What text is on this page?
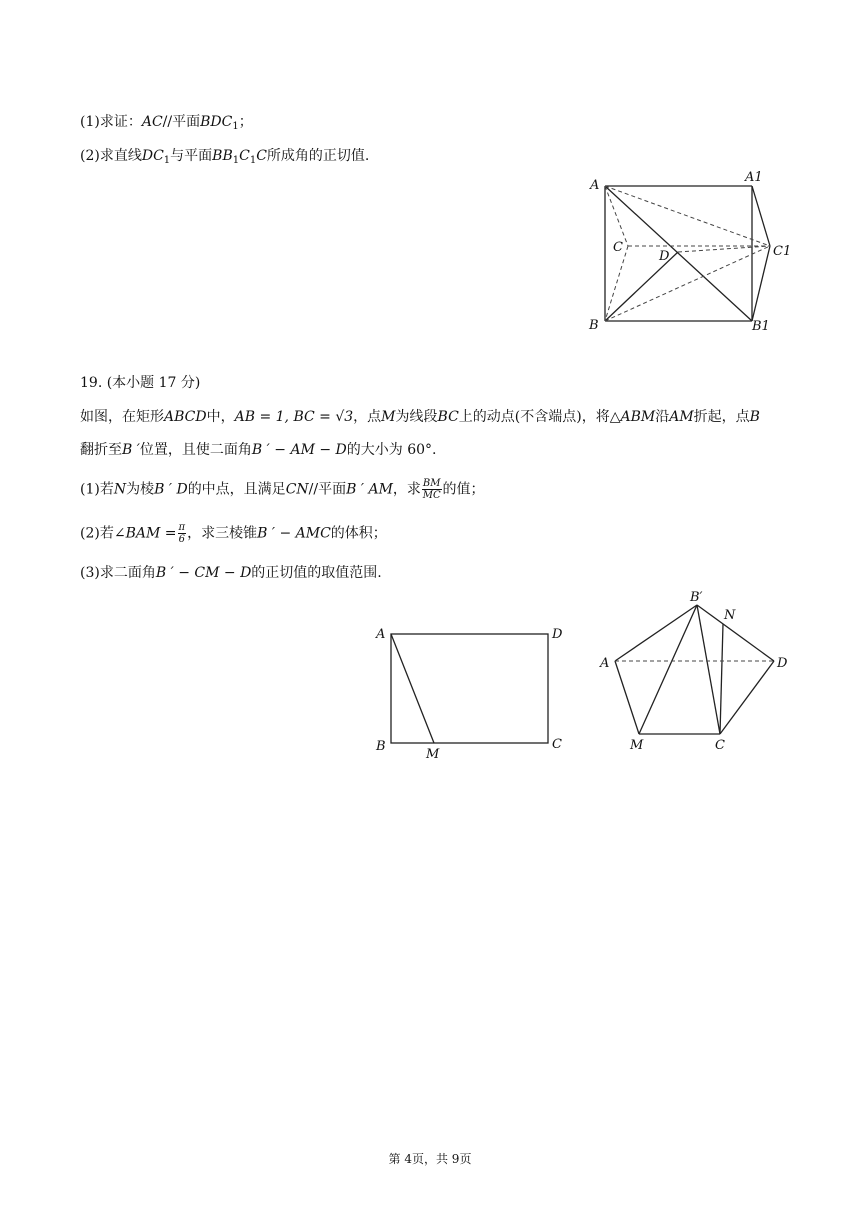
(1)求证：AC//平面$BDC_1$；
(2)求直线$DC_1$与平面$BB_1C_1C$所成角的正切值.
A
A1
C	C1
D
B	B1
19. (本小题 17 分)
如图，在矩形ABCD中，AB = 1, BC = √3，点M为线段BC上的动点(不含端点)，将△ABM沿AM折起，点B
翻折至B ′位置，且使二面角B ′ − AM − D的大小为 60°.
(1)若N为棱B ′ D的中点，且满足CN//平面B ′ AM，求 $\frac{BM}{MC}$ 的值；
(2)若∠BAM = $\frac{\pi}{6}$ ，求三棱锥B ′ − AMC的体积；
(3)求二面角B ′ − CM − D的正切值的取值范围.
A	D
B
M
C
B′
N
A	D
M	C
第 4页，共 9页
